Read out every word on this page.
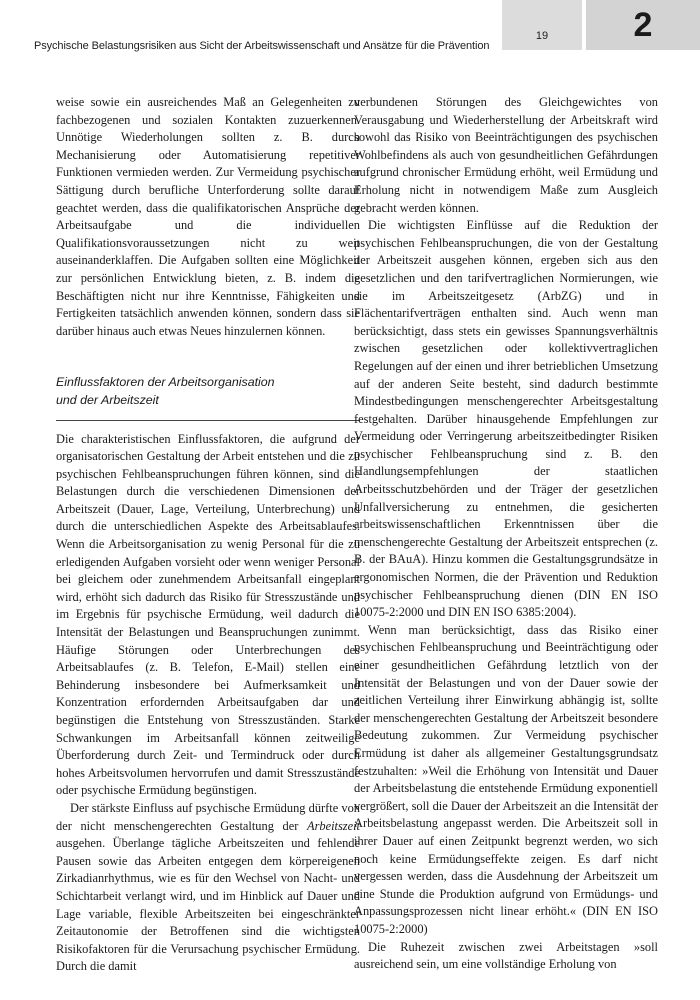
Psychische Belastungsrisiken aus Sicht der Arbeitswissenschaft und Ansätze für die Prävention
19	2

weise sowie ein ausreichendes Maß an Gelegenheiten zu fachbezogenen und sozialen Kontakten zuzuerkennen. Unnötige Wiederholungen sollten z. B. durch Mechanisierung oder Automatisierung repetitiver Funktionen vermieden werden. Zur Vermeidung psychischer Sättigung durch berufliche Unterforderung sollte darauf geachtet werden, dass die qualifikatorischen Ansprüche der Arbeitsaufgabe und die individuellen Qualifikationsvoraussetzungen nicht zu weit auseinanderklaffen. Die Aufgaben sollten eine Möglichkeit zur persönlichen Entwicklung bieten, z. B. indem die Beschäftigten nicht nur ihre Kenntnisse, Fähigkeiten und Fertigkeiten tatsächlich anwenden können, sondern dass sie darüber hinaus auch etwas Neues hinzulernen können.

Einflussfaktoren der Arbeitsorganisation
und der Arbeitszeit

Die charakteristischen Einflussfaktoren, die aufgrund der organisatorischen Gestaltung der Arbeit entstehen und die zu psychischen Fehlbeanspruchungen führen können, sind die Belastungen durch die verschiedenen Dimensionen der Arbeitszeit (Dauer, Lage, Verteilung, Unterbrechung) und durch die unterschiedlichen Aspekte des Arbeitsablaufes. Wenn die Arbeitsorganisation zu wenig Personal für die zu erledigenden Aufgaben vorsieht oder wenn weniger Personal bei gleichem oder zunehmendem Arbeitsanfall eingeplant wird, erhöht sich dadurch das Risiko für Stresszustände und im Ergebnis für psychische Ermüdung, weil dadurch die Intensität der Belastungen und Beanspruchungen zunimmt. Häufige Störungen oder Unterbrechungen des Arbeitsablaufes (z. B. Telefon, E-Mail) stellen eine Behinderung insbesondere bei Aufmerksamkeit und Konzentration erfordernden Arbeitsaufgaben dar und begünstigen die Entstehung von Stresszuständen. Starke Schwankungen im Arbeitsanfall können zeitweilige Überforderung durch Zeit- und Termindruck oder durch hohes Arbeitsvolumen hervorrufen und damit Stresszustände oder psychische Ermüdung begünstigen.

Der stärkste Einfluss auf psychische Ermüdung dürfte von der nicht menschengerechten Gestaltung der Arbeitszeit ausgehen. Überlange tägliche Arbeitszeiten und fehlende Pausen sowie das Arbeiten entgegen dem körpereigenen Zirkadianrhythmus, wie es für den Wechsel von Nacht- und Schichtarbeit verlangt wird, und im Hinblick auf Dauer und Lage variable, flexible Arbeitszeiten bei eingeschränkter Zeitautonomie der Betroffenen sind die wichtigsten Risikofaktoren für die Verursachung psychischer Ermüdung. Durch die damit

verbundenen Störungen des Gleichgewichtes von Verausgabung und Wiederherstellung der Arbeitskraft wird sowohl das Risiko von Beeinträchtigungen des psychischen Wohlbefindens als auch von gesundheitlichen Gefährdungen aufgrund chronischer Ermüdung erhöht, weil Ermüdung und Erholung nicht in notwendigem Maße zum Ausgleich gebracht werden können.

Die wichtigsten Einflüsse auf die Reduktion der psychischen Fehlbeanspruchungen, die von der Gestaltung der Arbeitszeit ausgehen können, ergeben sich aus den gesetzlichen und den tarifvertraglichen Normierungen, wie sie im Arbeitszeitgesetz (ArbZG) und in Flächentarifverträgen enthalten sind. Auch wenn man berücksichtigt, dass stets ein gewisses Spannungsverhältnis zwischen gesetzlichen oder kollektivvertraglichen Regelungen auf der einen und ihrer betrieblichen Umsetzung auf der anderen Seite besteht, sind dadurch bestimmte Mindestbedingungen menschengerechter Arbeitsgestaltung festgehalten. Darüber hinausgehende Empfehlungen zur Vermeidung oder Verringerung arbeitszeitbedingter Risiken psychischer Fehlbeanspruchung sind z. B. den Handlungsempfehlungen der staatlichen Arbeitsschutzbehörden und der Träger der gesetzlichen Unfallversicherung zu entnehmen, die gesicherten arbeitswissenschaftlichen Erkenntnissen über die menschengerechte Gestaltung der Arbeitszeit entsprechen (z. B. der BAuA). Hinzu kommen die Gestaltungsgrundsätze in ergonomischen Normen, die der Prävention und Reduktion psychischer Fehlbeanspruchung dienen (DIN EN ISO 10075-2:2000 und DIN EN ISO 6385:2004).

Wenn man berücksichtigt, dass das Risiko einer psychischen Fehlbeanspruchung und Beeinträchtigung oder einer gesundheitlichen Gefährdung letztlich von der Intensität der Belastungen und von der Dauer sowie der zeitlichen Verteilung ihrer Einwirkung abhängig ist, sollte der menschengerechten Gestaltung der Arbeitszeit besondere Bedeutung zukommen. Zur Vermeidung psychischer Ermüdung ist daher als allgemeiner Gestaltungsgrundsatz festzuhalten: »Weil die Erhöhung von Intensität und Dauer der Arbeitsbelastung die entstehende Ermüdung exponentiell vergrößert, soll die Dauer der Arbeitszeit an die Intensität der Arbeitsbelastung angepasst werden. Die Arbeitszeit soll in ihrer Dauer auf einen Zeitpunkt begrenzt werden, wo sich noch keine Ermüdungseffekte zeigen. Es darf nicht vergessen werden, dass die Ausdehnung der Arbeitszeit um eine Stunde die Produktion aufgrund von Ermüdungs- und Anpassungsprozessen nicht linear erhöht.« (DIN EN ISO 10075-2:2000)

Die Ruhezeit zwischen zwei Arbeitstagen »soll ausreichend sein, um eine vollständige Erholung von
